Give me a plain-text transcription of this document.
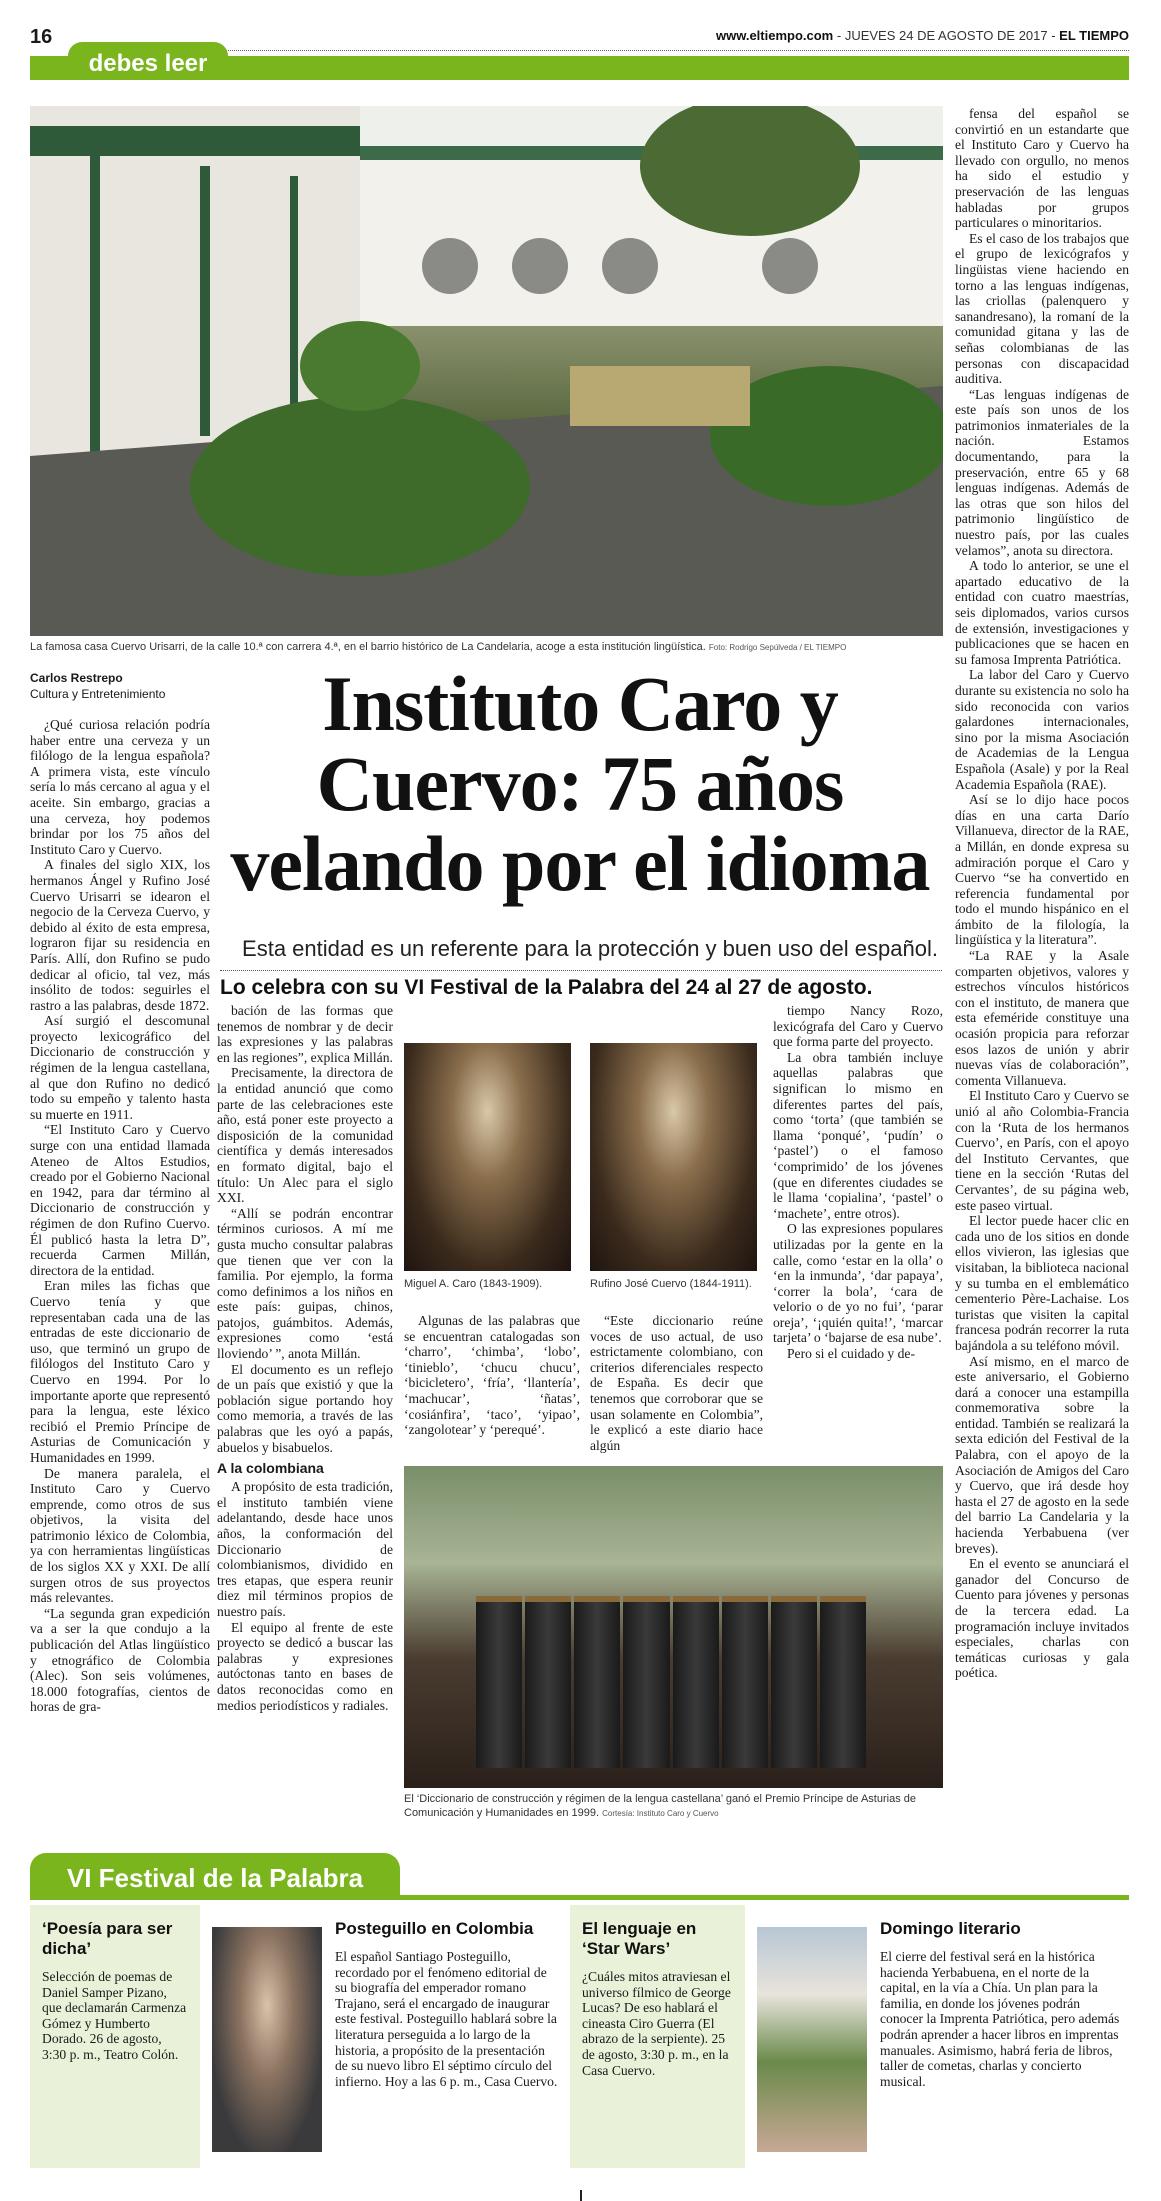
16	www.eltiempo.com - JUEVES 24 DE AGOSTO DE 2017 - EL TIEMPO
debes leer
La famosa casa Cuervo Urisarri, de la calle 10.ª con carrera 4.ª, en el barrio histórico de La Candelaria, acoge a esta institución lingüística. Foto: Rodrigo Sepúlveda / EL TIEMPO
Carlos Restrepo
Cultura y Entretenimiento	Instituto Caro y Cuervo: 75 años velando por el idioma
Esta entidad es un referente para la protección y buen uso del español.
Lo celebra con su VI Festival de la Palabra del 24 al 27 de agosto.

¿Qué curiosa relación podría haber entre una cerveza y un filólogo de la lengua española? A primera vista, este vínculo sería lo más cercano al agua y el aceite. Sin embargo, gracias a una cerveza, hoy podemos brindar por los 75 años del Instituto Caro y Cuervo.

A finales del siglo XIX, los hermanos Ángel y Rufino José Cuervo Urisarri se idearon el negocio de la Cerveza Cuervo, y debido al éxito de esta empresa, lograron fijar su residencia en París. Allí, don Rufino se pudo dedicar al oficio, tal vez, más insólito de todos: seguirles el rastro a las palabras, desde 1872.

Así surgió el descomunal proyecto lexicográfico del Diccionario de construcción y régimen de la lengua castellana, al que don Rufino no dedicó todo su empeño y talento hasta su muerte en 1911.

“El Instituto Caro y Cuervo surge con una entidad llamada Ateneo de Altos Estudios, creado por el Gobierno Nacional en 1942, para dar término al Diccionario de construcción y régimen de don Rufino Cuervo. Él publicó hasta la letra D”, recuerda Carmen Millán, directora de la entidad.

Eran miles las fichas que Cuervo tenía y que representaban cada una de las entradas de este diccionario de uso, que terminó un grupo de filólogos del Instituto Caro y Cuervo en 1994. Por lo importante aporte que representó para la lengua, este léxico recibió el Premio Príncipe de Asturias de Comunicación y Humanidades en 1999.

De manera paralela, el Instituto Caro y Cuervo emprende, como otros de sus objetivos, la visita del patrimonio léxico de Colombia, ya con herramientas lingüísticas de los siglos XX y XXI. De allí surgen otros de sus proyectos más relevantes.

“La segunda gran expedición va a ser la que condujo a la publicación del Atlas lingüístico y etnográfico de Colombia (Alec). Son seis volúmenes, 18.000 fotografías, cientos de horas de gra-

bación de las formas que tenemos de nombrar y de decir las expresiones y las palabras en las regiones”, explica Millán.

Precisamente, la directora de la entidad anunció que como parte de las celebraciones este año, está poner este proyecto a disposición de la comunidad científica y demás interesados en formato digital, bajo el título: Un Alec para el siglo XXI.

“Allí se podrán encontrar términos curiosos. A mí me gusta mucho consultar palabras que tienen que ver con la familia. Por ejemplo, la forma como definimos a los niños en este país: guipas, chinos, patojos, guámbitos. Además, expresiones como ‘está lloviendo’ ”, anota Millán.

El documento es un reflejo de un país que existió y que la población sigue portando hoy como memoria, a través de las palabras que les oyó a papás, abuelos y bisabuelos.

A la colombiana

A propósito de esta tradición, el instituto también viene adelantando, desde hace unos años, la conformación del Diccionario de colombianismos, dividido en tres etapas, que espera reunir diez mil términos propios de nuestro país.

El equipo al frente de este proyecto se dedicó a buscar las palabras y expresiones autóctonas tanto en bases de datos reconocidas como en medios periodísticos y radiales.

Miguel A. Caro (1843-1909).	Rufino José Cuervo (1844-1911).

Algunas de las palabras que se encuentran catalogadas son ‘charro’, ‘chimba’, ‘lobo’, ‘tinieblo’, ‘chucu chucu’, ‘bicicletero’, ‘fría’, ‘llantería’, ‘machucar’, ‘ñatas’, ‘cosiánfira’, ‘taco’, ‘yipao’, ‘zangolotear’ y ‘perequé’.

“Este diccionario reúne voces de uso actual, de uso estrictamente colombiano, con criterios diferenciales respecto de España. Es decir que tenemos que corroborar que se usan solamente en Colombia”, le explicó a este diario hace algún

tiempo Nancy Rozo, lexicógrafa del Caro y Cuervo que forma parte del proyecto.

La obra también incluye aquellas palabras que significan lo mismo en diferentes partes del país, como ‘torta’ (que también se llama ‘ponqué’, ‘pudín’ o ‘pastel’) o el famoso ‘comprimido’ de los jóvenes (que en diferentes ciudades se le llama ‘copialina’, ‘pastel’ o ‘machete’, entre otros).

O las expresiones populares utilizadas por la gente en la calle, como ‘estar en la olla’ o ‘en la inmunda’, ‘dar papaya’, ‘correr la bola’, ‘cara de velorio o de yo no fui’, ‘parar oreja’, ‘¡quién quita!’, ‘marcar tarjeta’ o ‘bajarse de esa nube’.

Pero si el cuidado y de-

fensa del español se convirtió en un estandarte que el Instituto Caro y Cuervo ha llevado con orgullo, no menos ha sido el estudio y preservación de las lenguas habladas por grupos particulares o minoritarios.

Es el caso de los trabajos que el grupo de lexicógrafos y lingüistas viene haciendo en torno a las lenguas indígenas, las criollas (palenquero y sanandresano), la romaní de la comunidad gitana y las de señas colombianas de las personas con discapacidad auditiva.

“Las lenguas indígenas de este país son unos de los patrimonios inmateriales de la nación. Estamos documentando, para la preservación, entre 65 y 68 lenguas indígenas. Además de las otras que son hilos del patrimonio lingüístico de nuestro país, por las cuales velamos”, anota su directora.

A todo lo anterior, se une el apartado educativo de la entidad con cuatro maestrías, seis diplomados, varios cursos de extensión, investigaciones y publicaciones que se hacen en su famosa Imprenta Patriótica.

La labor del Caro y Cuervo durante su existencia no solo ha sido reconocida con varios galardones internacionales, sino por la misma Asociación de Academias de la Lengua Española (Asale) y por la Real Academia Española (RAE).

Así se lo dijo hace pocos días en una carta Darío Villanueva, director de la RAE, a Millán, en donde expresa su admiración porque el Caro y Cuervo “se ha convertido en referencia fundamental por todo el mundo hispánico en el ámbito de la filología, la lingüística y la literatura”.

“La RAE y la Asale comparten objetivos, valores y estrechos vínculos históricos con el instituto, de manera que esta efeméride constituye una ocasión propicia para reforzar esos lazos de unión y abrir nuevas vías de colaboración”, comenta Villanueva.

El Instituto Caro y Cuervo se unió al año Colombia-Francia con la ‘Ruta de los hermanos Cuervo’, en París, con el apoyo del Instituto Cervantes, que tiene en la sección ‘Rutas del Cervantes’, de su página web, este paseo virtual.

El lector puede hacer clic en cada uno de los sitios en donde ellos vivieron, las iglesias que visitaban, la biblioteca nacional y su tumba en el emblemático cementerio Père-Lachaise. Los turistas que visiten la capital francesa podrán recorrer la ruta bajándola a su teléfono móvil.

Así mismo, en el marco de este aniversario, el Gobierno dará a conocer una estampilla conmemorativa sobre la entidad. También se realizará la sexta edición del Festival de la Palabra, con el apoyo de la Asociación de Amigos del Caro y Cuervo, que irá desde hoy hasta el 27 de agosto en la sede del barrio La Candelaria y la hacienda Yerbabuena (ver breves).

En el evento se anunciará el ganador del Concurso de Cuento para jóvenes y personas de la tercera edad. La programación incluye invitados especiales, charlas con temáticas curiosas y gala poética.

El ‘Diccionario de construcción y régimen de la lengua castellana’ ganó el Premio Príncipe de Asturias de Comunicación y Humanidades en 1999. Cortesía: Instituto Caro y Cuervo
VI Festival de la Palabra
‘Poesía para ser dicha’

Selección de poemas de Daniel Samper Pizano, que declamarán Carmenza Gómez y Humberto Dorado. 26 de agosto, 3:30 p. m., Teatro Colón.

Posteguillo en Colombia

El español Santiago Posteguillo, recordado por el fenómeno editorial de su biografía del emperador romano Trajano, será el encargado de inaugurar este festival. Posteguillo hablará sobre la literatura perseguida a lo largo de la historia, a propósito de la presentación de su nuevo libro El séptimo círculo del infierno. Hoy a las 6 p. m., Casa Cuervo.

El lenguaje en ‘Star Wars’

¿Cuáles mitos atraviesan el universo fílmico de George Lucas? De eso hablará el cineasta Ciro Guerra (El abrazo de la serpiente). 25 de agosto, 3:30 p. m., en la Casa Cuervo.

Domingo literario

El cierre del festival será en la histórica hacienda Yerbabuena, en el norte de la capital, en la vía a Chía. Un plan para la familia, en donde los jóvenes podrán conocer la Imprenta Patriótica, pero además podrán aprender a hacer libros en imprentas manuales. Asimismo, habrá feria de libros, taller de cometas, charlas y concierto musical.
